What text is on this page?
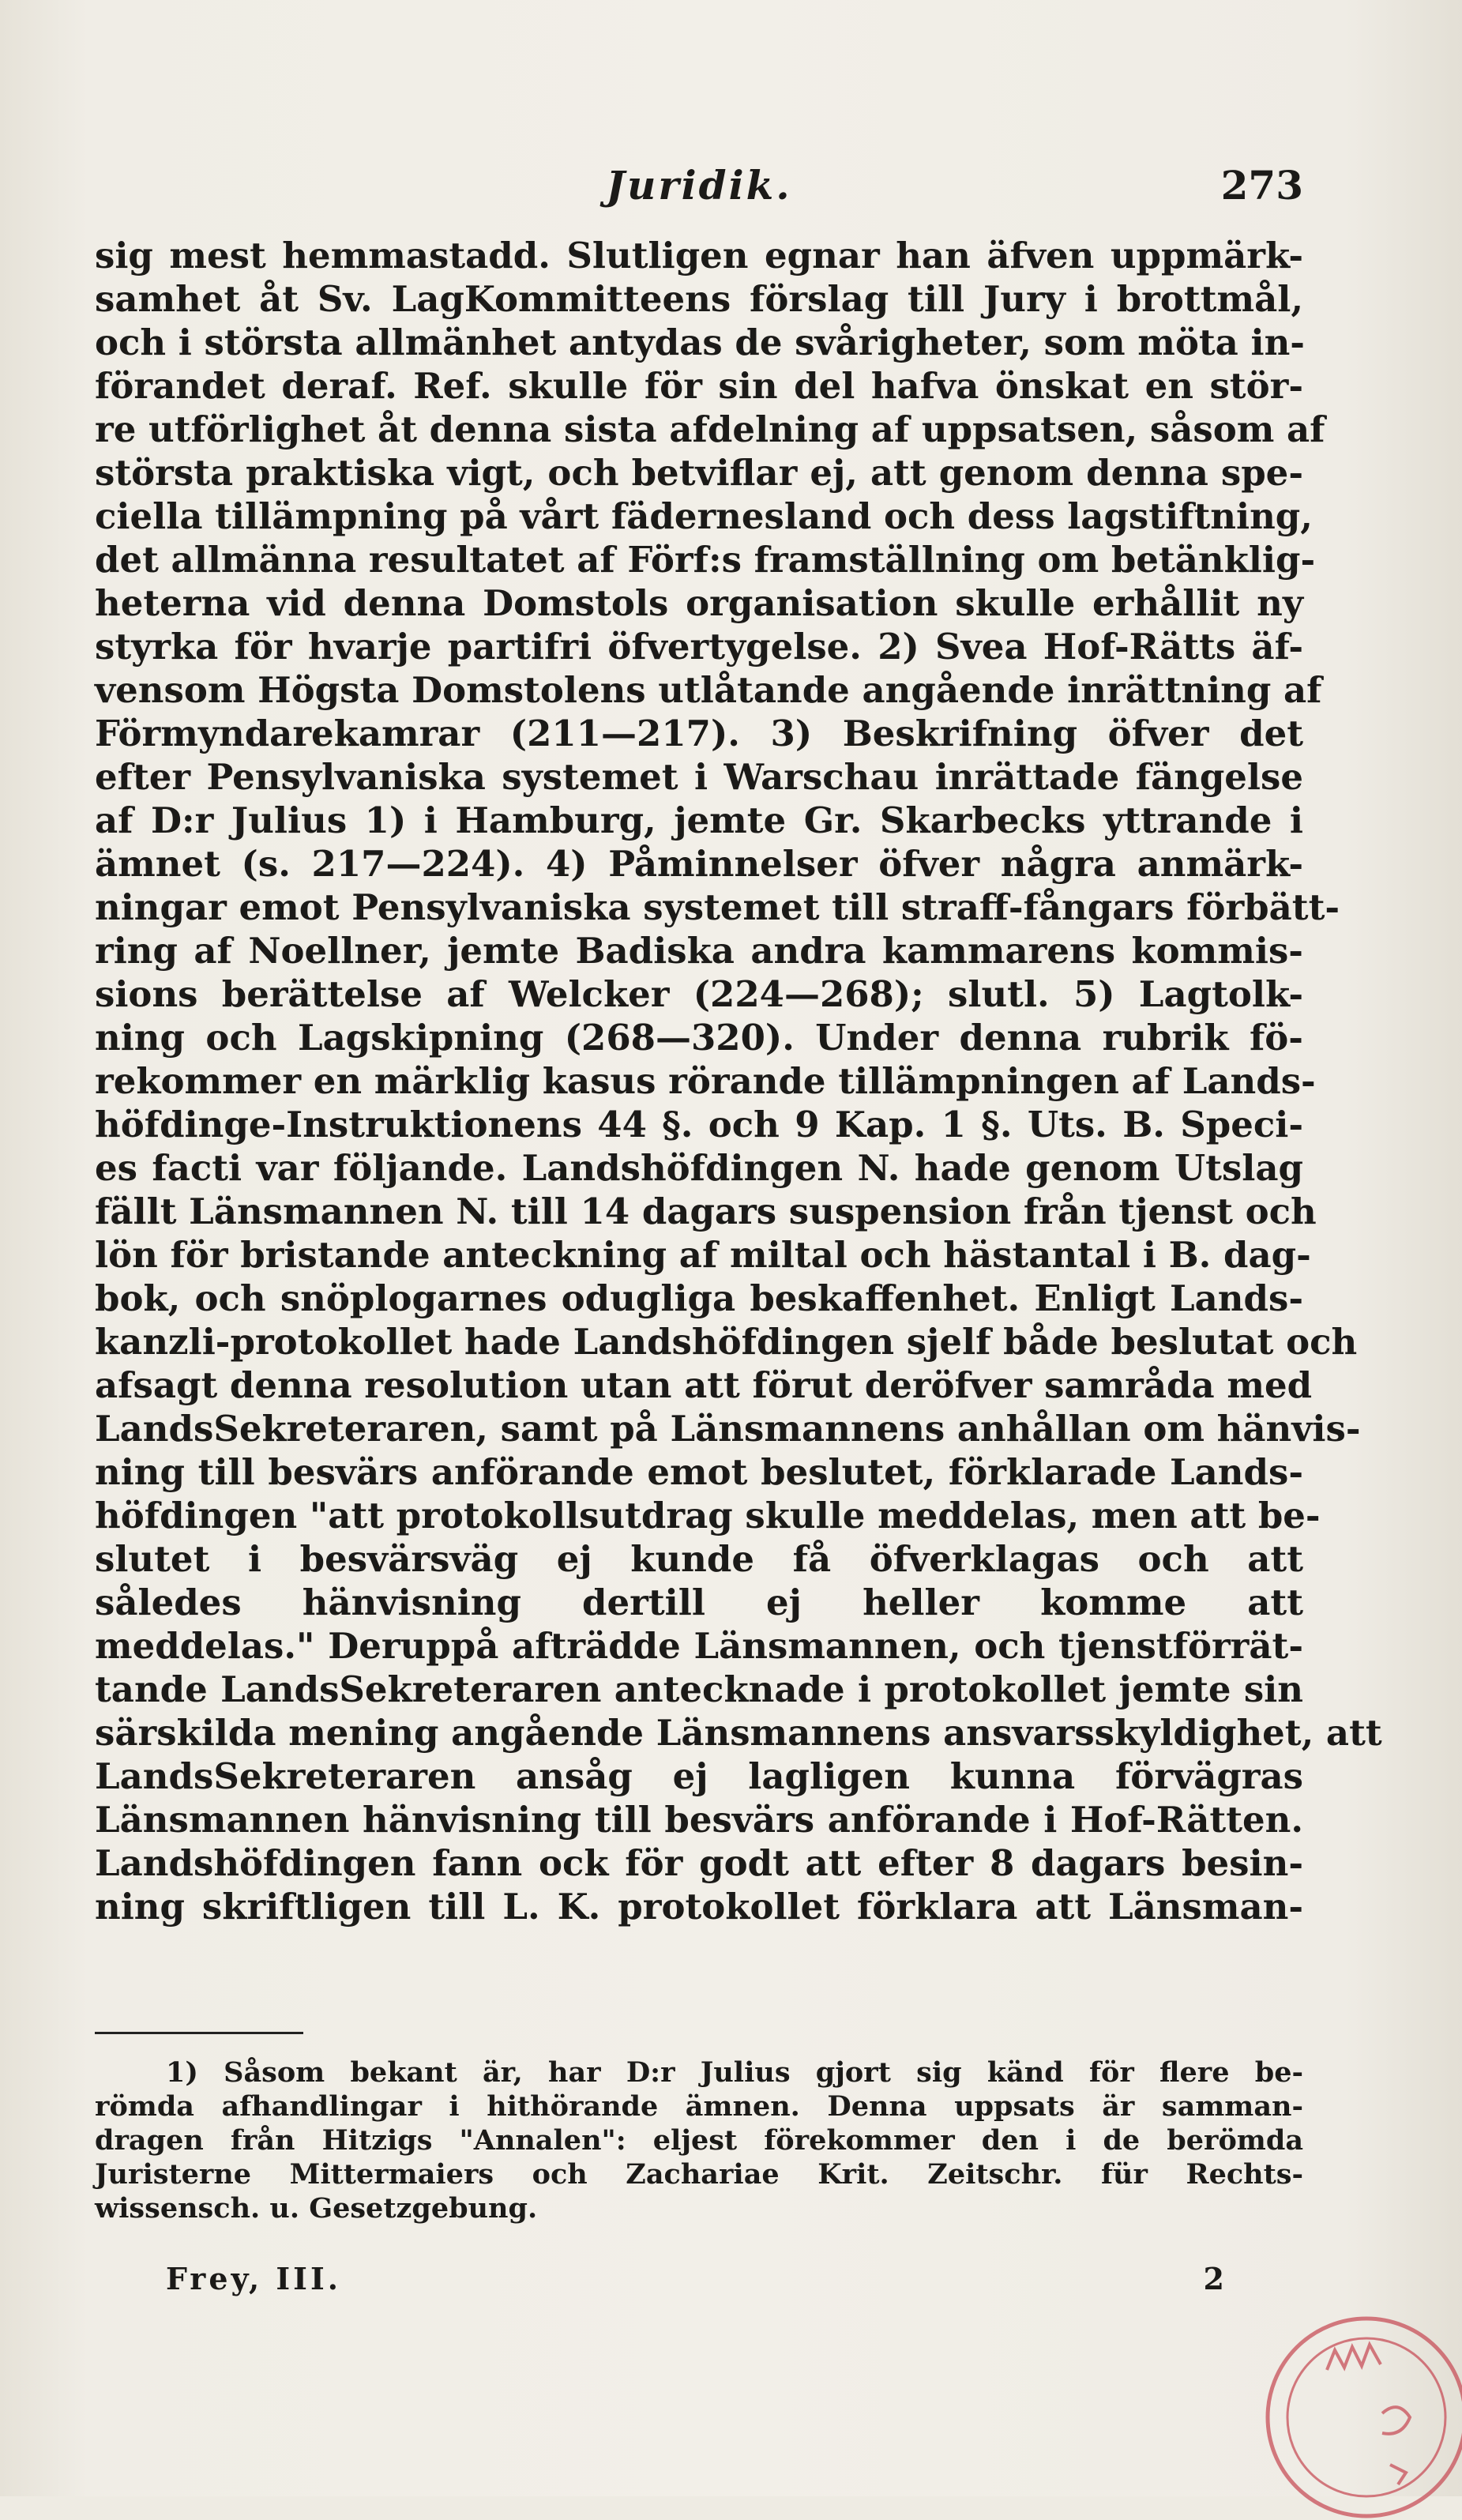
Juridik.	273
sig mest hemmastadd. Slutligen egnar han äfven uppmärk-
samhet åt Sv. LagKommitteens förslag till Jury i brottmål,
och i största allmänhet antydas de svårigheter, som möta in-
förandet deraf. Ref. skulle för sin del hafva önskat en stör-
re utförlighet åt denna sista afdelning af uppsatsen, såsom af
största praktiska vigt, och betviflar ej, att genom denna spe-
ciella tillämpning på vårt fädernesland och dess lagstiftning,
det allmänna resultatet af Förf:s framställning om betänklig-
heterna vid denna Domstols organisation skulle erhållit ny
styrka för hvarje partifri öfvertygelse. 2) Svea Hof-Rätts äf-
vensom Högsta Domstolens utlåtande angående inrättning af
Förmyndarekamrar (211—217). 3) Beskrifning öfver det
efter Pensylvaniska systemet i Warschau inrättade fängelse
af D:r Julius 1) i Hamburg, jemte Gr. Skarbecks yttrande i
ämnet (s. 217—224). 4) Påminnelser öfver några anmärk-
ningar emot Pensylvaniska systemet till straff-fångars förbätt-
ring af Noellner, jemte Badiska andra kammarens kommis-
sions berättelse af Welcker (224—268); slutl. 5) Lagtolk-
ning och Lagskipning (268—320). Under denna rubrik fö-
rekommer en märklig kasus rörande tillämpningen af Lands-
höfdinge-Instruktionens 44 §. och 9 Kap. 1 §. Uts. B. Speci-
es facti var följande. Landshöfdingen N. hade genom Utslag
fällt Länsmannen N. till 14 dagars suspension från tjenst och
lön för bristande anteckning af miltal och hästantal i B. dag-
bok, och snöplogarnes odugliga beskaffenhet. Enligt Lands-
kanzli-protokollet hade Landshöfdingen sjelf både beslutat och
afsagt denna resolution utan att förut deröfver samråda med
LandsSekreteraren, samt på Länsmannens anhållan om hänvis-
ning till besvärs anförande emot beslutet, förklarade Lands-
höfdingen "att protokollsutdrag skulle meddelas, men att be-
slutet i besvärsväg ej kunde få öfverklagas och att
således hänvisning dertill ej heller komme att
meddelas." Deruppå afträdde Länsmannen, och tjenstförrät-
tande LandsSekreteraren antecknade i protokollet jemte sin
särskilda mening angående Länsmannens ansvarsskyldighet, att
LandsSekreteraren ansåg ej lagligen kunna förvägras
Länsmannen hänvisning till besvärs anförande i Hof-Rätten.
Landshöfdingen fann ock för godt att efter 8 dagars besin-
ning skriftligen till L. K. protokollet förklara att Länsman-
1) Såsom bekant är, har D:r Julius gjort sig känd för flere be-
römda afhandlingar i hithörande ämnen. Denna uppsats är samman-
dragen från Hitzigs "Annalen": eljest förekommer den i de berömda
Juristerne Mittermaiers och Zachariae Krit. Zeitschr. für Rechts-
wissensch. u. Gesetzgebung.
Frey, III.	2
